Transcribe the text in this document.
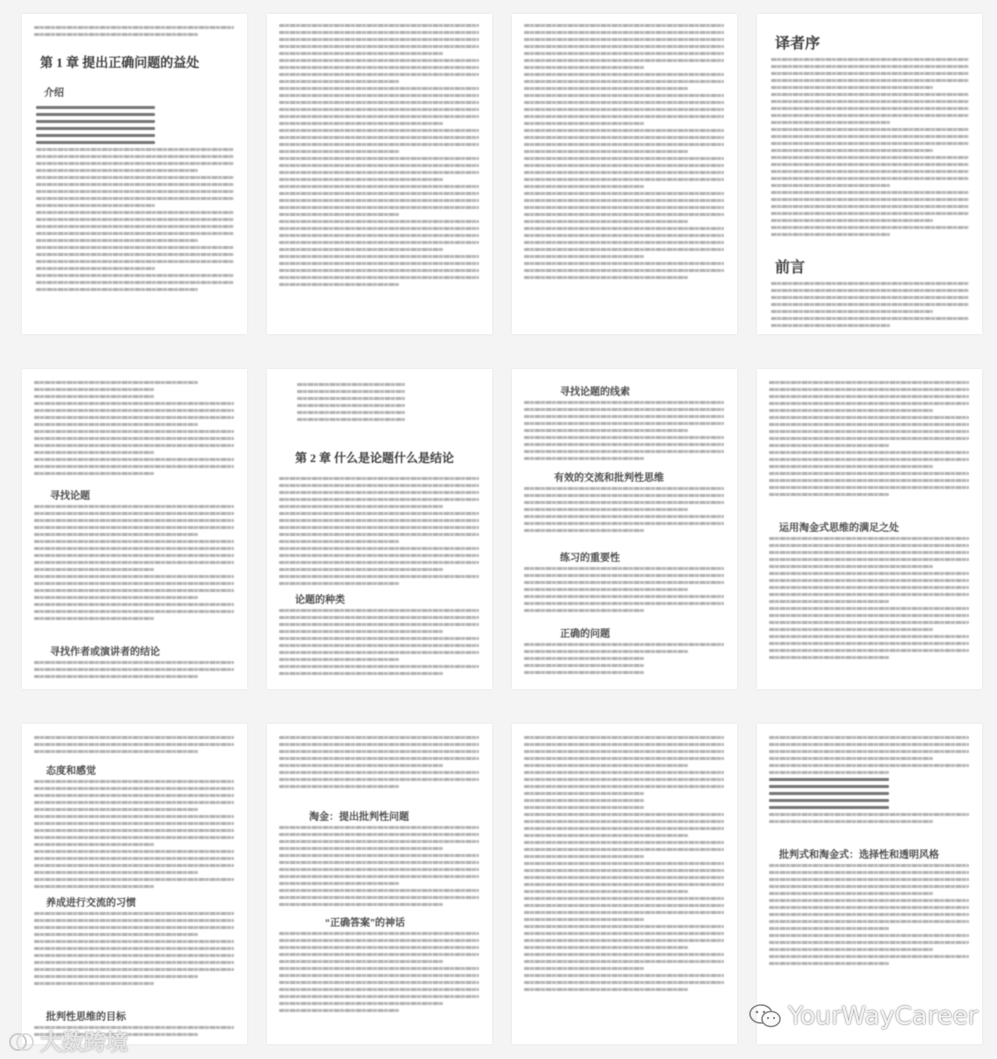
第 1 章 提出正确问题的益处
介绍
译者序
前言
寻找论题
寻找作者或演讲者的结论
第 2 章 什么是论题什么是结论
论题的种类
寻找论题的线索
有效的交流和批判性思维
练习的重要性
正确的问题
运用淘金式思维的满足之处
态度和感觉
养成进行交流的习惯
批判性思维的目标
淘金：提出批判性问题
“正确答案”的神话
批判式和淘金式：选择性和透明风格
大数跨境
YourWayCareer
